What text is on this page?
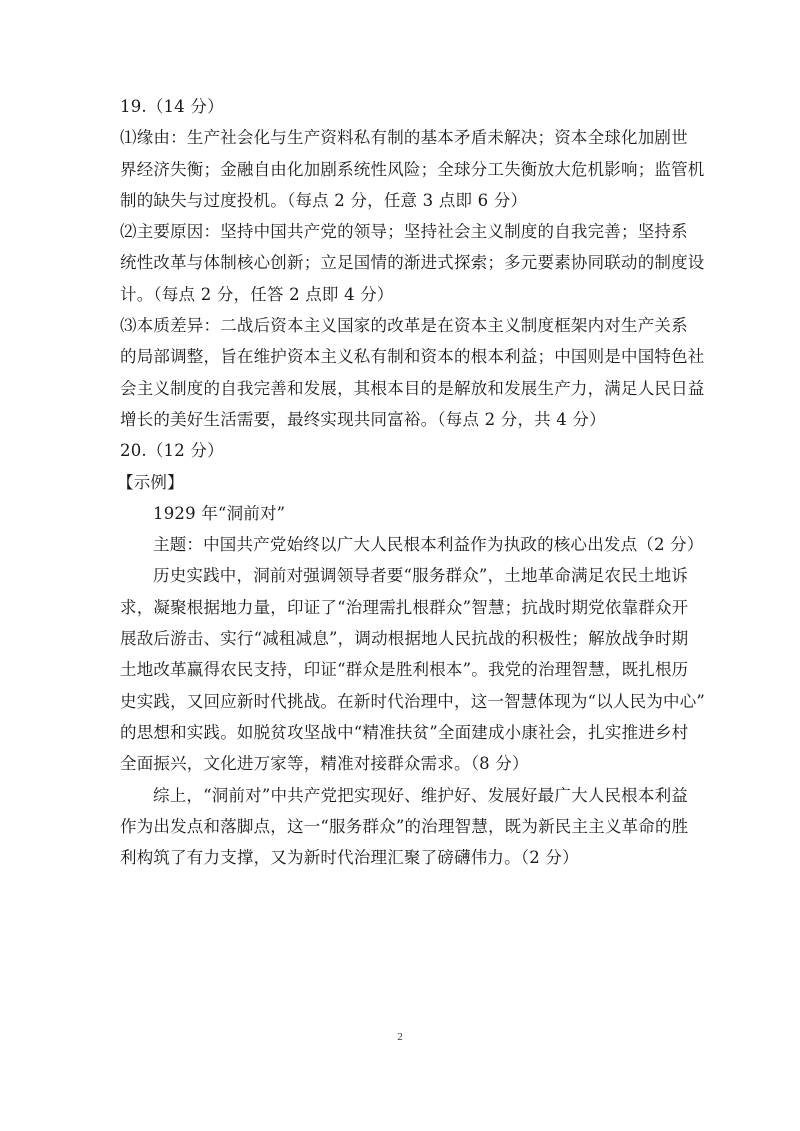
19.（14 分）
⑴缘由：生产社会化与生产资料私有制的基本矛盾未解决；资本全球化加剧世
界经济失衡；金融自由化加剧系统性风险；全球分工失衡放大危机影响；监管机
制的缺失与过度投机。（每点 2 分，任意 3 点即 6 分）
⑵主要原因：坚持中国共产党的领导；坚持社会主义制度的自我完善；坚持系
统性改革与体制核心创新；立足国情的渐进式探索；多元要素协同联动的制度设
计。（每点 2 分，任答 2 点即 4 分）
⑶本质差异：二战后资本主义国家的改革是在资本主义制度框架内对生产关系
的局部调整，旨在维护资本主义私有制和资本的根本利益；中国则是中国特色社
会主义制度的自我完善和发展，其根本目的是解放和发展生产力，满足人民日益
增长的美好生活需要，最终实现共同富裕。（每点 2 分，共 4 分）
20.（12 分）
【示例】
1929 年“洞前对”
主题：中国共产党始终以广大人民根本利益作为执政的核心出发点（2 分）
历史实践中，洞前对强调领导者要“服务群众”，土地革命满足农民土地诉
求，凝聚根据地力量，印证了“治理需扎根群众”智慧；抗战时期党依靠群众开
展敌后游击、实行“减租减息”，调动根据地人民抗战的积极性；解放战争时期
土地改革赢得农民支持，印证“群众是胜利根本”。我党的治理智慧，既扎根历
史实践，又回应新时代挑战。在新时代治理中，这一智慧体现为“以人民为中心”
的思想和实践。如脱贫攻坚战中“精准扶贫”全面建成小康社会，扎实推进乡村
全面振兴，文化进万家等，精准对接群众需求。（8 分）
综上，“洞前对”中共产党把实现好、维护好、发展好最广大人民根本利益
作为出发点和落脚点，这一“服务群众”的治理智慧，既为新民主主义革命的胜
利构筑了有力支撑，又为新时代治理汇聚了磅礴伟力。（2 分）
2
